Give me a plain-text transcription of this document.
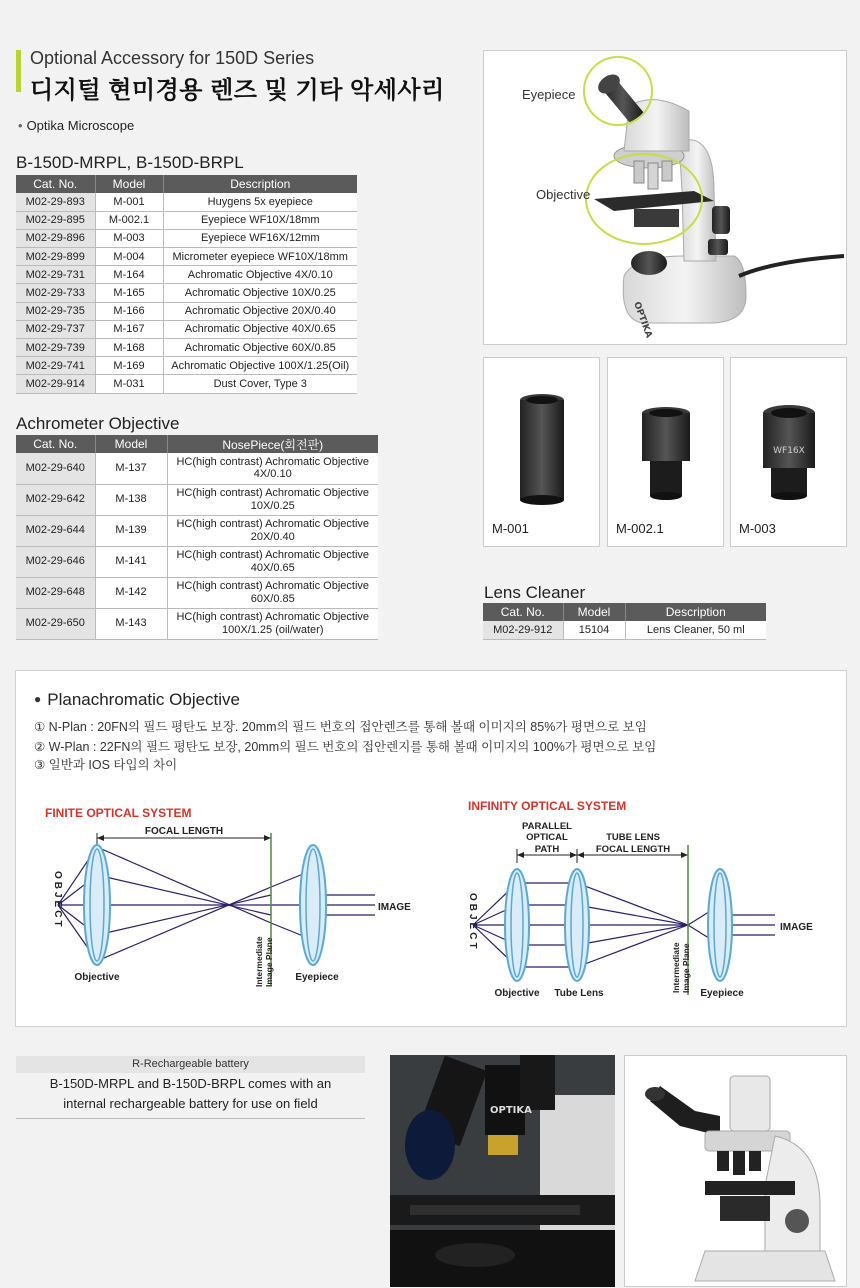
Optional Accessory for 150D Series
디지털 현미경용 렌즈 및 기타 악세사리
• Optika Microscope
B-150D-MRPL, B-150D-BRPL
Cat. No.	Model	Description
M02-29-893	M-001	Huygens 5x eyepiece
M02-29-895	M-002.1	Eyepiece WF10X/18mm
M02-29-896	M-003	Eyepiece WF16X/12mm
M02-29-899	M-004	Micrometer eyepiece WF10X/18mm
M02-29-731	M-164	Achromatic Objective 4X/0.10
M02-29-733	M-165	Achromatic Objective 10X/0.25
M02-29-735	M-166	Achromatic Objective 20X/0.40
M02-29-737	M-167	Achromatic Objective 40X/0.65
M02-29-739	M-168	Achromatic Objective 60X/0.85
M02-29-741	M-169	Achromatic Objective 100X/1.25(Oil)
M02-29-914	M-031	Dust Cover, Type 3
Achrometer Objective
Cat. No.	Model	NosePiece(회전판)
M02-29-640	M-137	HC(high contrast) Achromatic Objective
4X/0.10

M02-29-642	M-138	HC(high contrast) Achromatic Objective
10X/0.25

M02-29-644	M-139	HC(high contrast) Achromatic Objective
20X/0.40

M02-29-646	M-141	HC(high contrast) Achromatic Objective
40X/0.65

M02-29-648	M-142	HC(high contrast) Achromatic Objective
60X/0.85

M02-29-650	M-143	HC(high contrast) Achromatic Objective
100X/1.25 (oil/water)
OPTIKA
Eyepiece
Objective
M-001	M-002.1
WF16X
M-003
Lens Cleaner
Cat. No.	Model	Description
M02-29-912	15104	Lens Cleaner, 50 ml
● Planachromatic Objective
① N-Plan : 20FN의 필드 평탄도 보장. 20mm의 필드 번호의 접안렌즈를 통해 볼때 이미지의 85%가 평면으로 보임
② W-Plan : 22FN의 필드 평탄도 보장, 20mm의 필드 번호의 접안렌지를 통해 볼때 이미지의 100%가 평면으로 보임
③ 일반과 IOS 타입의 차이
FINITE OPTICAL SYSTEM
FOCAL LENGTH
OBJECT
Intermediate Image Plane
IMAGE
Objective	Eyepiece
INFINITY OPTICAL SYSTEM
PARALLEL
OPTICAL
PATH
TUBE LENS
FOCAL LENGTH
OBJECT
Intermediate Image Plane
IMAGE
Objective Tube Lens	Eyepiece
R-Rechargeable battery
B-150D-MRPL and B-150D-BRPL comes with an
internal rechargeable battery for use on field	OPTIKA
